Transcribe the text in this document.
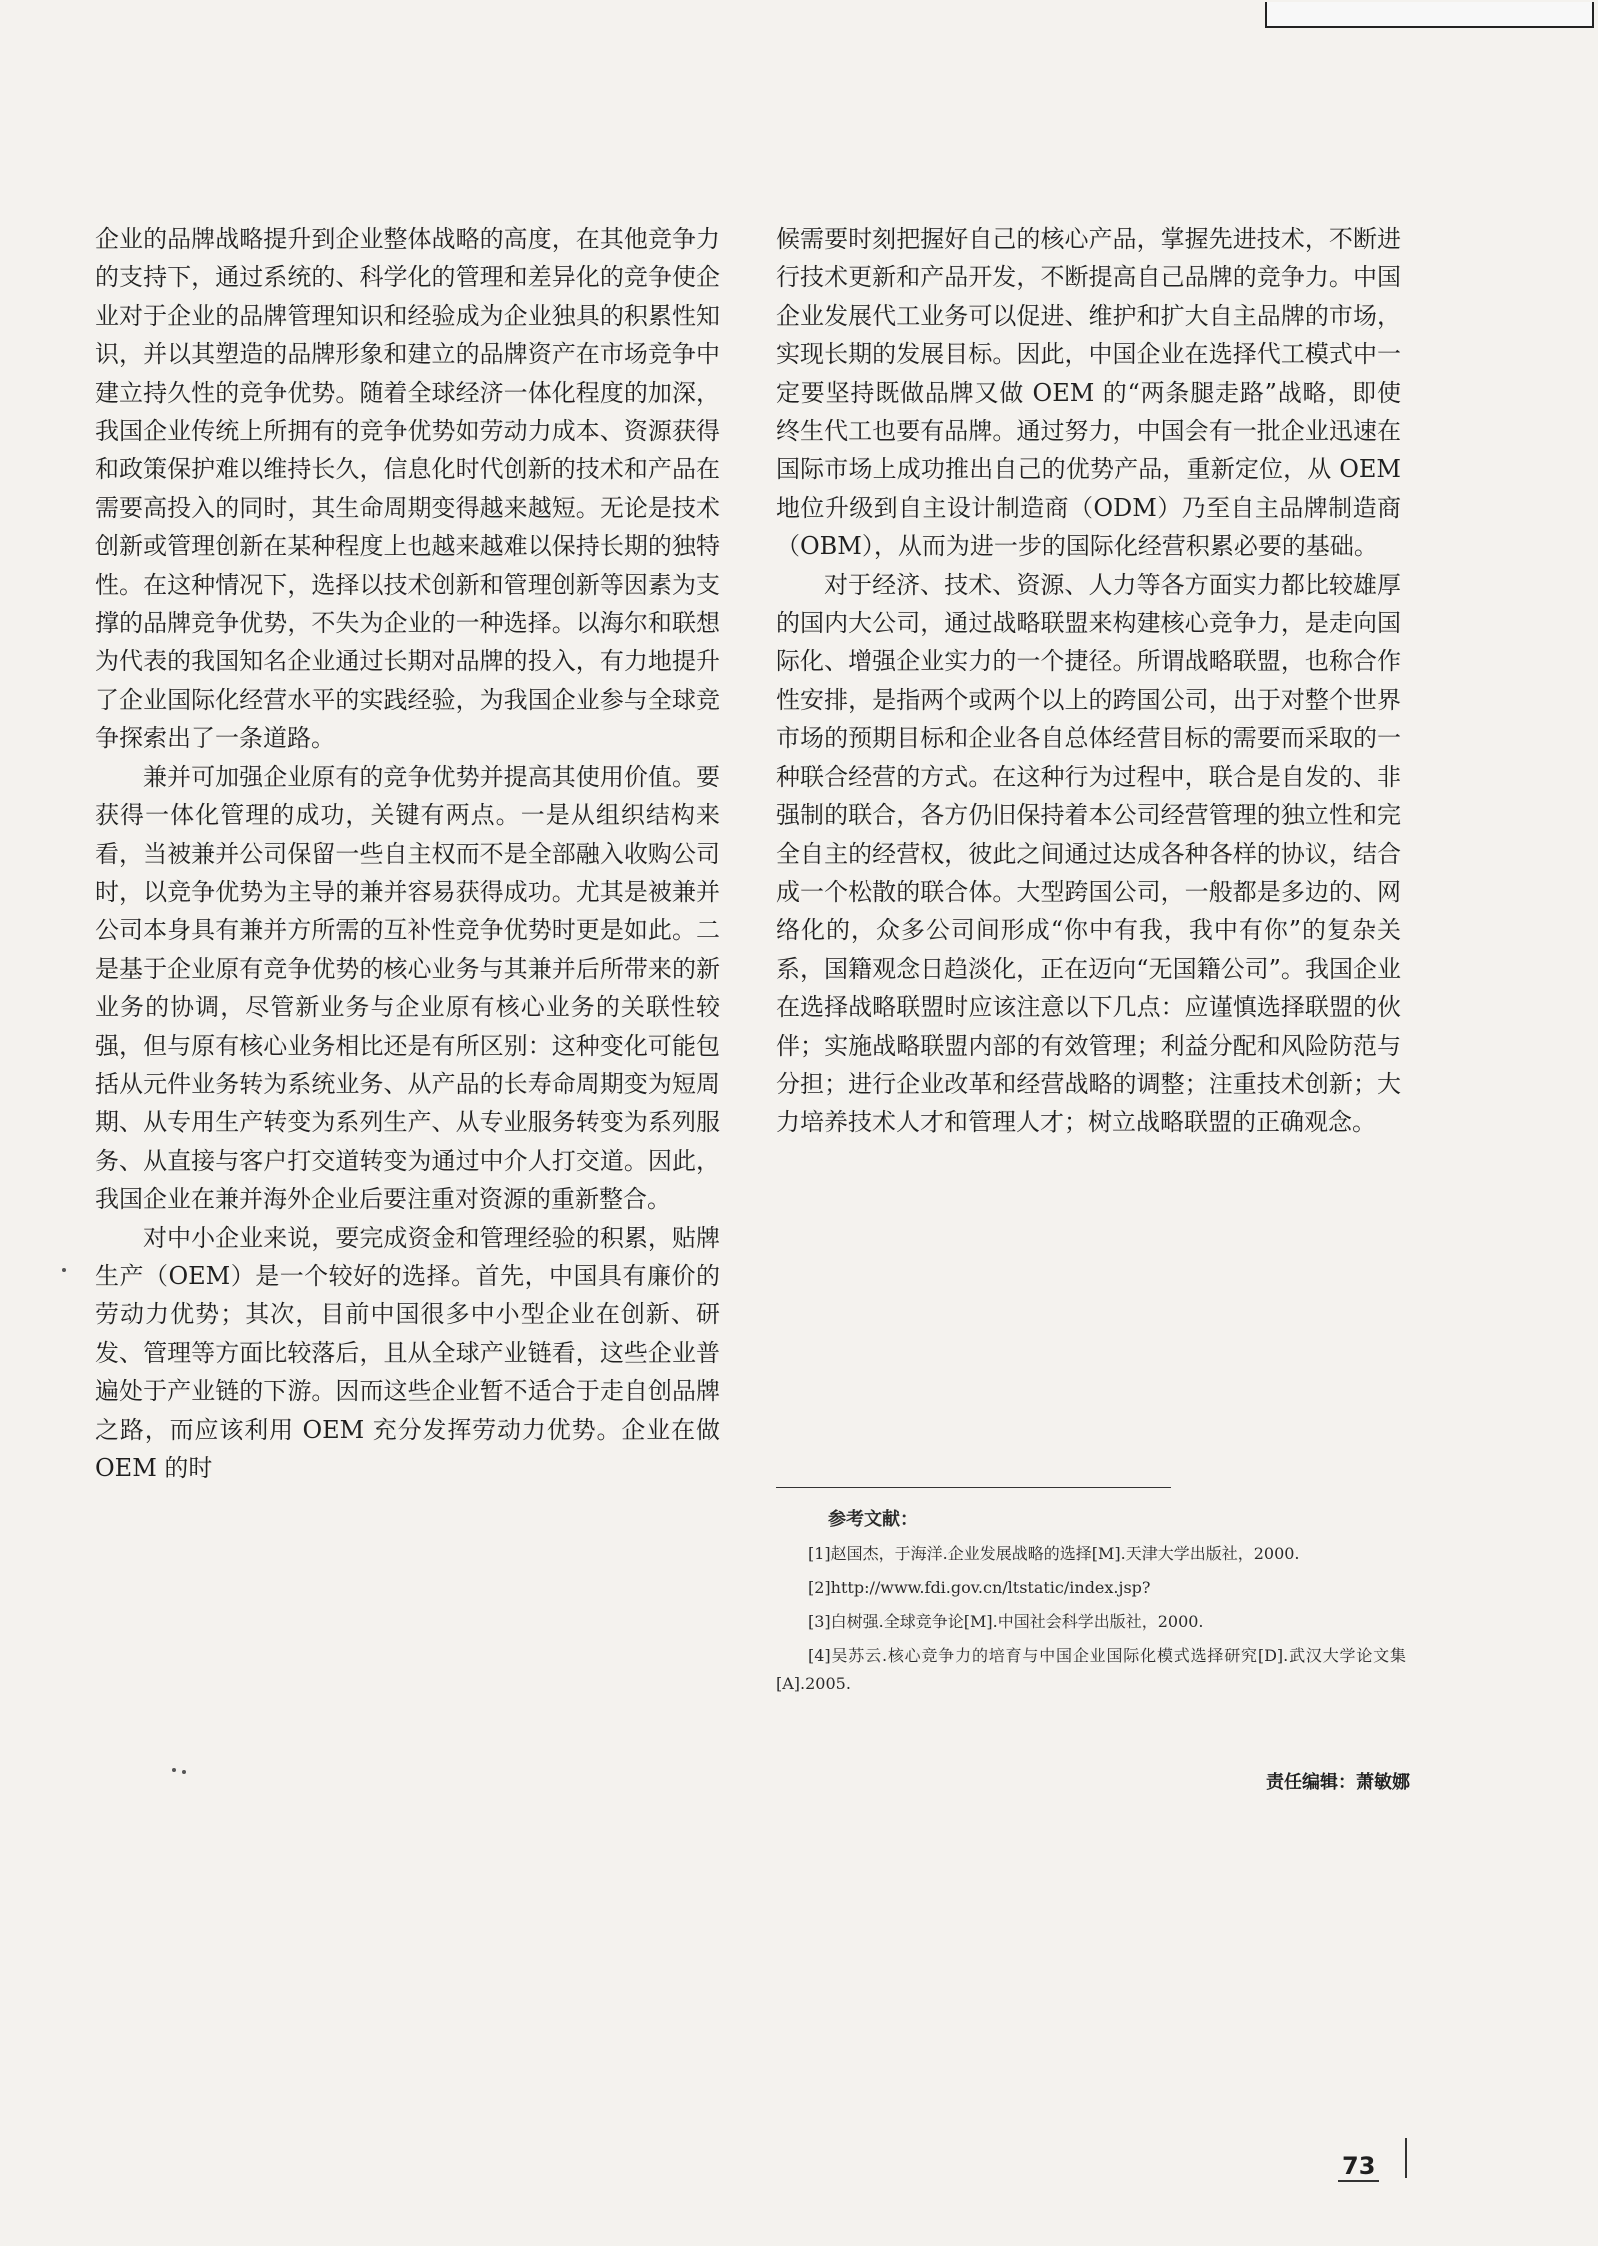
企业的品牌战略提升到企业整体战略的高度，在其他竞争力的支持下，通过系统的、科学化的管理和差异化的竞争使企业对于企业的品牌管理知识和经验成为企业独具的积累性知识，并以其塑造的品牌形象和建立的品牌资产在市场竞争中建立持久性的竞争优势。随着全球经济一体化程度的加深，我国企业传统上所拥有的竞争优势如劳动力成本、资源获得和政策保护难以维持长久，信息化时代创新的技术和产品在需要高投入的同时，其生命周期变得越来越短。无论是技术创新或管理创新在某种程度上也越来越难以保持长期的独特性。在这种情况下，选择以技术创新和管理创新等因素为支撑的品牌竞争优势，不失为企业的一种选择。以海尔和联想为代表的我国知名企业通过长期对品牌的投入，有力地提升了企业国际化经营水平的实践经验，为我国企业参与全球竞争探索出了一条道路。

兼并可加强企业原有的竞争优势并提高其使用价值。要获得一体化管理的成功，关键有两点。一是从组织结构来看，当被兼并公司保留一些自主权而不是全部融入收购公司时，以竞争优势为主导的兼并容易获得成功。尤其是被兼并公司本身具有兼并方所需的互补性竞争优势时更是如此。二是基于企业原有竞争优势的核心业务与其兼并后所带来的新业务的协调，尽管新业务与企业原有核心业务的关联性较强，但与原有核心业务相比还是有所区别：这种变化可能包括从元件业务转为系统业务、从产品的长寿命周期变为短周期、从专用生产转变为系列生产、从专业服务转变为系列服务、从直接与客户打交道转变为通过中介人打交道。因此，我国企业在兼并海外企业后要注重对资源的重新整合。

对中小企业来说，要完成资金和管理经验的积累，贴牌生产（OEM）是一个较好的选择。首先，中国具有廉价的劳动力优势；其次，目前中国很多中小型企业在创新、研发、管理等方面比较落后，且从全球产业链看，这些企业普遍处于产业链的下游。因而这些企业暂不适合于走自创品牌之路，而应该利用 OEM 充分发挥劳动力优势。企业在做 OEM 的时

候需要时刻把握好自己的核心产品，掌握先进技术，不断进行技术更新和产品开发，不断提高自己品牌的竞争力。中国企业发展代工业务可以促进、维护和扩大自主品牌的市场，实现长期的发展目标。因此，中国企业在选择代工模式中一定要坚持既做品牌又做 OEM 的“两条腿走路”战略，即使终生代工也要有品牌。通过努力，中国会有一批企业迅速在国际市场上成功推出自己的优势产品，重新定位，从 OEM 地位升级到自主设计制造商（ODM）乃至自主品牌制造商（OBM），从而为进一步的国际化经营积累必要的基础。

对于经济、技术、资源、人力等各方面实力都比较雄厚的国内大公司，通过战略联盟来构建核心竞争力，是走向国际化、增强企业实力的一个捷径。所谓战略联盟，也称合作性安排，是指两个或两个以上的跨国公司，出于对整个世界市场的预期目标和企业各自总体经营目标的需要而采取的一种联合经营的方式。在这种行为过程中，联合是自发的、非强制的联合，各方仍旧保持着本公司经营管理的独立性和完全自主的经营权，彼此之间通过达成各种各样的协议，结合成一个松散的联合体。大型跨国公司，一般都是多边的、网络化的，众多公司间形成“你中有我，我中有你”的复杂关系，国籍观念日趋淡化，正在迈向“无国籍公司”。我国企业在选择战略联盟时应该注意以下几点：应谨慎选择联盟的伙伴；实施战略联盟内部的有效管理；利益分配和风险防范与分担；进行企业改革和经营战略的调整；注重技术创新；大力培养技术人才和管理人才；树立战略联盟的正确观念。

参考文献：
[1]赵国杰，于海洋.企业发展战略的选择[M].天津大学出版社，2000.
[2]http://www.fdi.gov.cn/ltstatic/index.jsp?
[3]白树强.全球竞争论[M].中国社会科学出版社，2000.
[4]吴苏云.核心竞争力的培育与中国企业国际化模式选择研究[D].武汉大学论文集[A].2005.
责任编辑：萧敏娜
73
